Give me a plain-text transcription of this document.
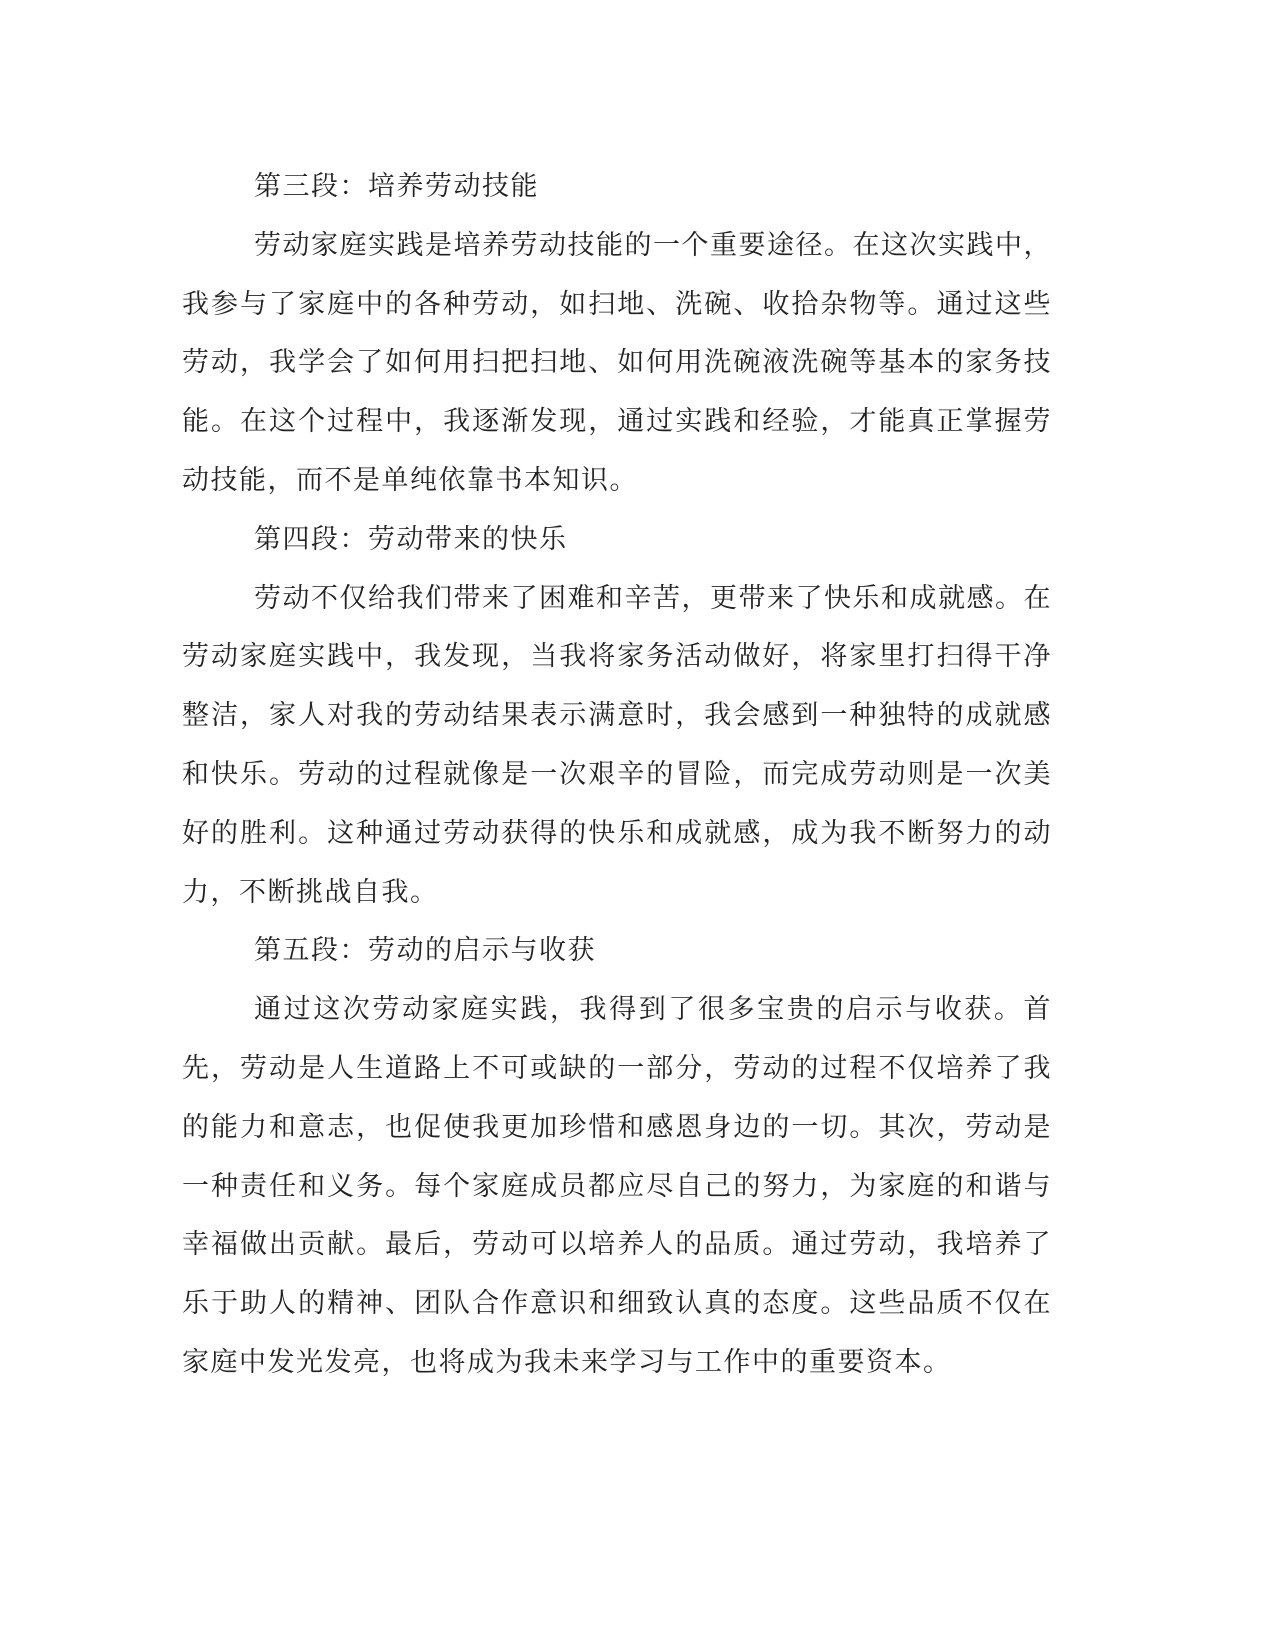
第三段：培养劳动技能

劳动家庭实践是培养劳动技能的一个重要途径。在这次实践中，我参与了家庭中的各种劳动，如扫地、洗碗、收拾杂物等。通过这些劳动，我学会了如何用扫把扫地、如何用洗碗液洗碗等基本的家务技能。在这个过程中，我逐渐发现，通过实践和经验，才能真正掌握劳动技能，而不是单纯依靠书本知识。

第四段：劳动带来的快乐

劳动不仅给我们带来了困难和辛苦，更带来了快乐和成就感。在劳动家庭实践中，我发现，当我将家务活动做好，将家里打扫得干净整洁，家人对我的劳动结果表示满意时，我会感到一种独特的成就感和快乐。劳动的过程就像是一次艰辛的冒险，而完成劳动则是一次美好的胜利。这种通过劳动获得的快乐和成就感，成为我不断努力的动力，不断挑战自我。

第五段：劳动的启示与收获

通过这次劳动家庭实践，我得到了很多宝贵的启示与收获。首先，劳动是人生道路上不可或缺的一部分，劳动的过程不仅培养了我的能力和意志，也促使我更加珍惜和感恩身边的一切。其次，劳动是一种责任和义务。每个家庭成员都应尽自己的努力，为家庭的和谐与幸福做出贡献。最后，劳动可以培养人的品质。通过劳动，我培养了乐于助人的精神、团队合作意识和细致认真的态度。这些品质不仅在家庭中发光发亮，也将成为我未来学习与工作中的重要资本。
